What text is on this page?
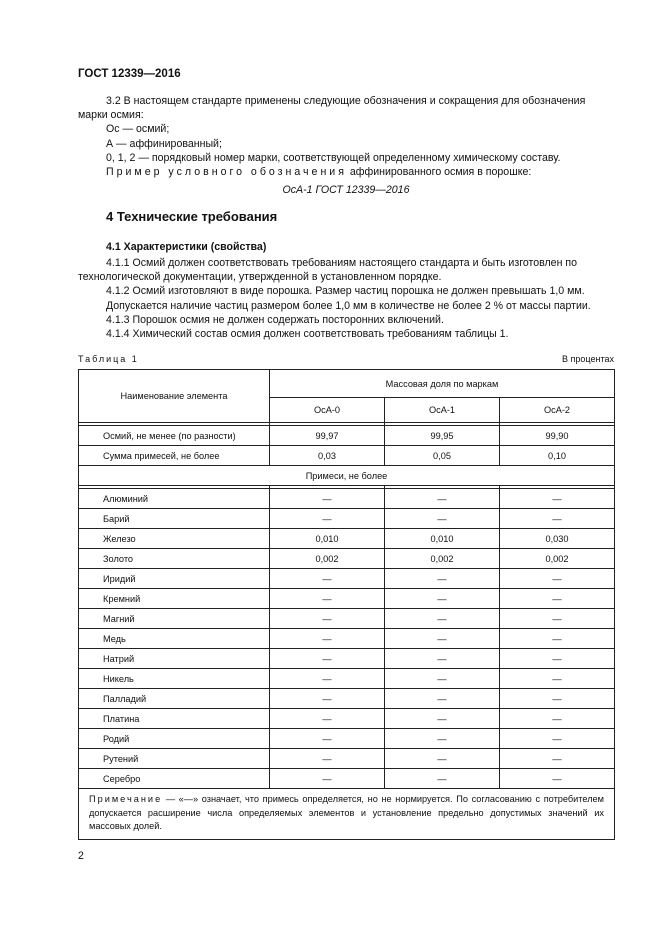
ГОСТ 12339—2016

3.2 В настоящем стандарте применены следующие обозначения и сокращения для обозначения марки осмия:

Ос — осмий;

А — аффинированный;

0, 1, 2 — порядковый номер марки, соответствующей определенному химическому составу.

Пример условного обозначения аффинированного осмия в порошке:

ОсА-1 ГОСТ 12339—2016
4 Технические требования
4.1 Характеристики (свойства)

4.1.1 Осмий должен соответствовать требованиям настоящего стандарта и быть изготовлен по технологической документации, утвержденной в установленном порядке.

4.1.2 Осмий изготовляют в виде порошка. Размер частиц порошка не должен превышать 1,0 мм.

Допускается наличие частиц размером более 1,0 мм в количестве не более 2 % от массы партии.

4.1.3 Порошок осмия не должен содержать посторонних включений.

4.1.4 Химический состав осмия должен соответствовать требованиям таблицы 1.

Таблица 1	В процентах
Наименование элемента	Массовая доля по маркам		
	ОсА-0	ОсА-1	ОсА-2

Осмий, не менее (по разности)	99,97	99,95	99,90
Сумма примесей, не более	0,03	0,05	0,10
Примеси, не более			

Алюминий	—	—	—
Барий	—	—	—
Железо	0,010	0,010	0,030
Золото	0,002	0,002	0,002
Иридий	—	—	—
Кремний	—	—	—
Магний	—	—	—
Медь	—	—	—
Натрий	—	—	—
Никель	—	—	—
Палладий	—	—	—
Платина	—	—	—
Родий	—	—	—
Рутений	—	—	—
Серебро	—	—	—
Примечание — «—» означает, что примесь определяется, но не нормируется. По согласованию с потребителем допускается расширение числа определяемых элементов и установление предельно допустимых значений их массовых долей.			
2
